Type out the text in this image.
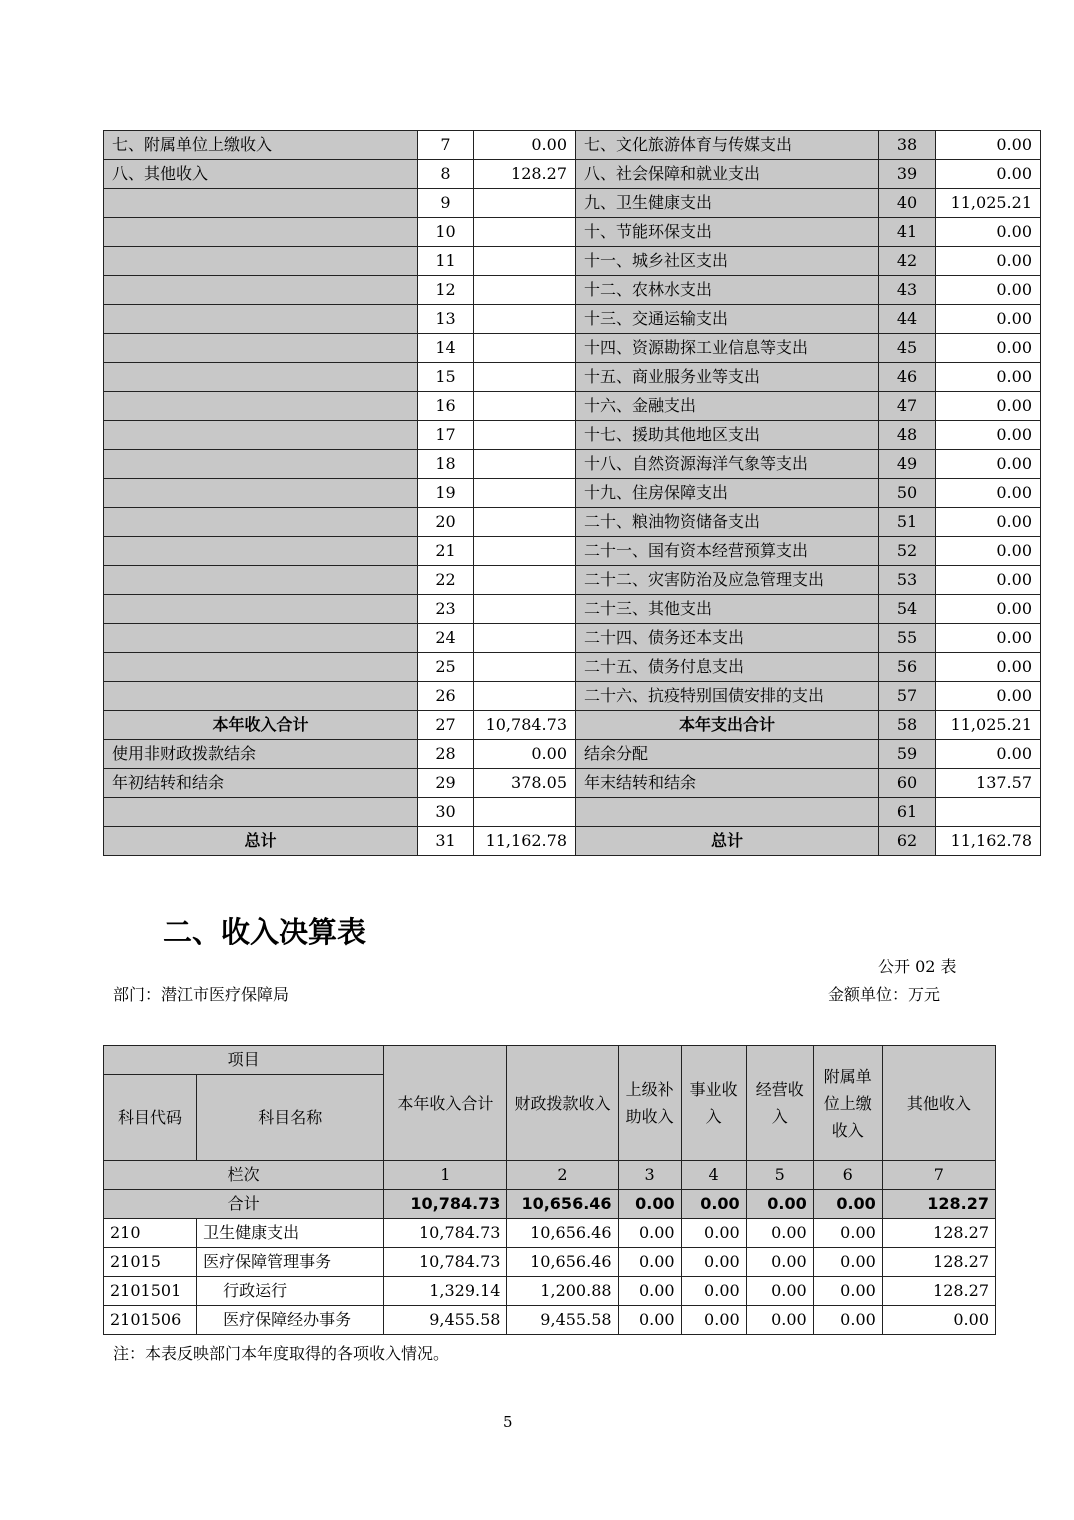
七、附属单位上缴收入	7	0.00	七、文化旅游体育与传媒支出	38	0.00
八、其他收入	8	128.27	八、社会保障和就业支出	39	0.00
	9		九、卫生健康支出	40	11,025.21
	10		十、节能环保支出	41	0.00
	11		十一、城乡社区支出	42	0.00
	12		十二、农林水支出	43	0.00
	13		十三、交通运输支出	44	0.00
	14		十四、资源勘探工业信息等支出	45	0.00
	15		十五、商业服务业等支出	46	0.00
	16		十六、金融支出	47	0.00
	17		十七、援助其他地区支出	48	0.00
	18		十八、自然资源海洋气象等支出	49	0.00
	19		十九、住房保障支出	50	0.00
	20		二十、粮油物资储备支出	51	0.00
	21		二十一、国有资本经营预算支出	52	0.00
	22		二十二、灾害防治及应急管理支出	53	0.00
	23		二十三、其他支出	54	0.00
	24		二十四、债务还本支出	55	0.00
	25		二十五、债务付息支出	56	0.00
	26		二十六、抗疫特别国债安排的支出	57	0.00
本年收入合计	27	10,784.73	本年支出合计	58	11,025.21
使用非财政拨款结余	28	0.00	结余分配	59	0.00
年初结转和结余	29	378.05	年末结转和结余	60	137.57
	30			61	
总计	31	11,162.78	总计	62	11,162.78
二、收入决算表
公开 02 表
部门：潜江市医疗保障局	金额单位：万元
项目		本年收入合计	财政拨款收入	上级补助收入	事业收入	经营收入	附属单位上缴收入	其他收入
科目代码	科目名称							
栏次		1	2	3	4	5	6	7
合计		10,784.73	10,656.46	0.00	0.00	0.00	0.00	128.27
210	卫生健康支出	10,784.73	10,656.46	0.00	0.00	0.00	0.00	128.27
21015	医疗保障管理事务	10,784.73	10,656.46	0.00	0.00	0.00	0.00	128.27
2101501	行政运行	1,329.14	1,200.88	0.00	0.00	0.00	0.00	128.27
2101506	医疗保障经办事务	9,455.58	9,455.58	0.00	0.00	0.00	0.00	0.00
注：本表反映部门本年度取得的各项收入情况。
5
